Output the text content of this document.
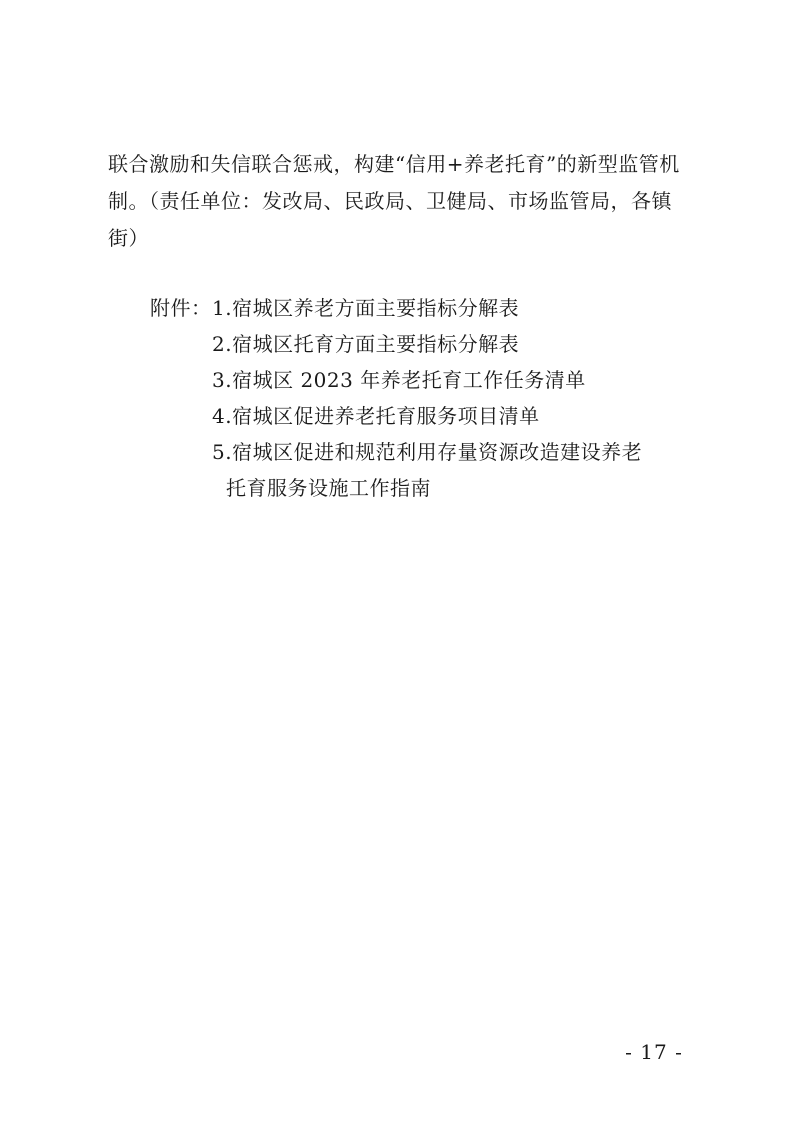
联合激励和失信联合惩戒，构建“信用+养老托育”的新型监管机
制。（责任单位：发改局、民政局、卫健局、市场监管局，各镇
街）

附件： 1.宿城区养老方面主要指标分解表
2.宿城区托育方面主要指标分解表
3.宿城区 2023 年养老托育工作任务清单
4.宿城区促进养老托育服务项目清单
5.宿城区促进和规范利用存量资源改造建设养老
托育服务设施工作指南
- 17 -
